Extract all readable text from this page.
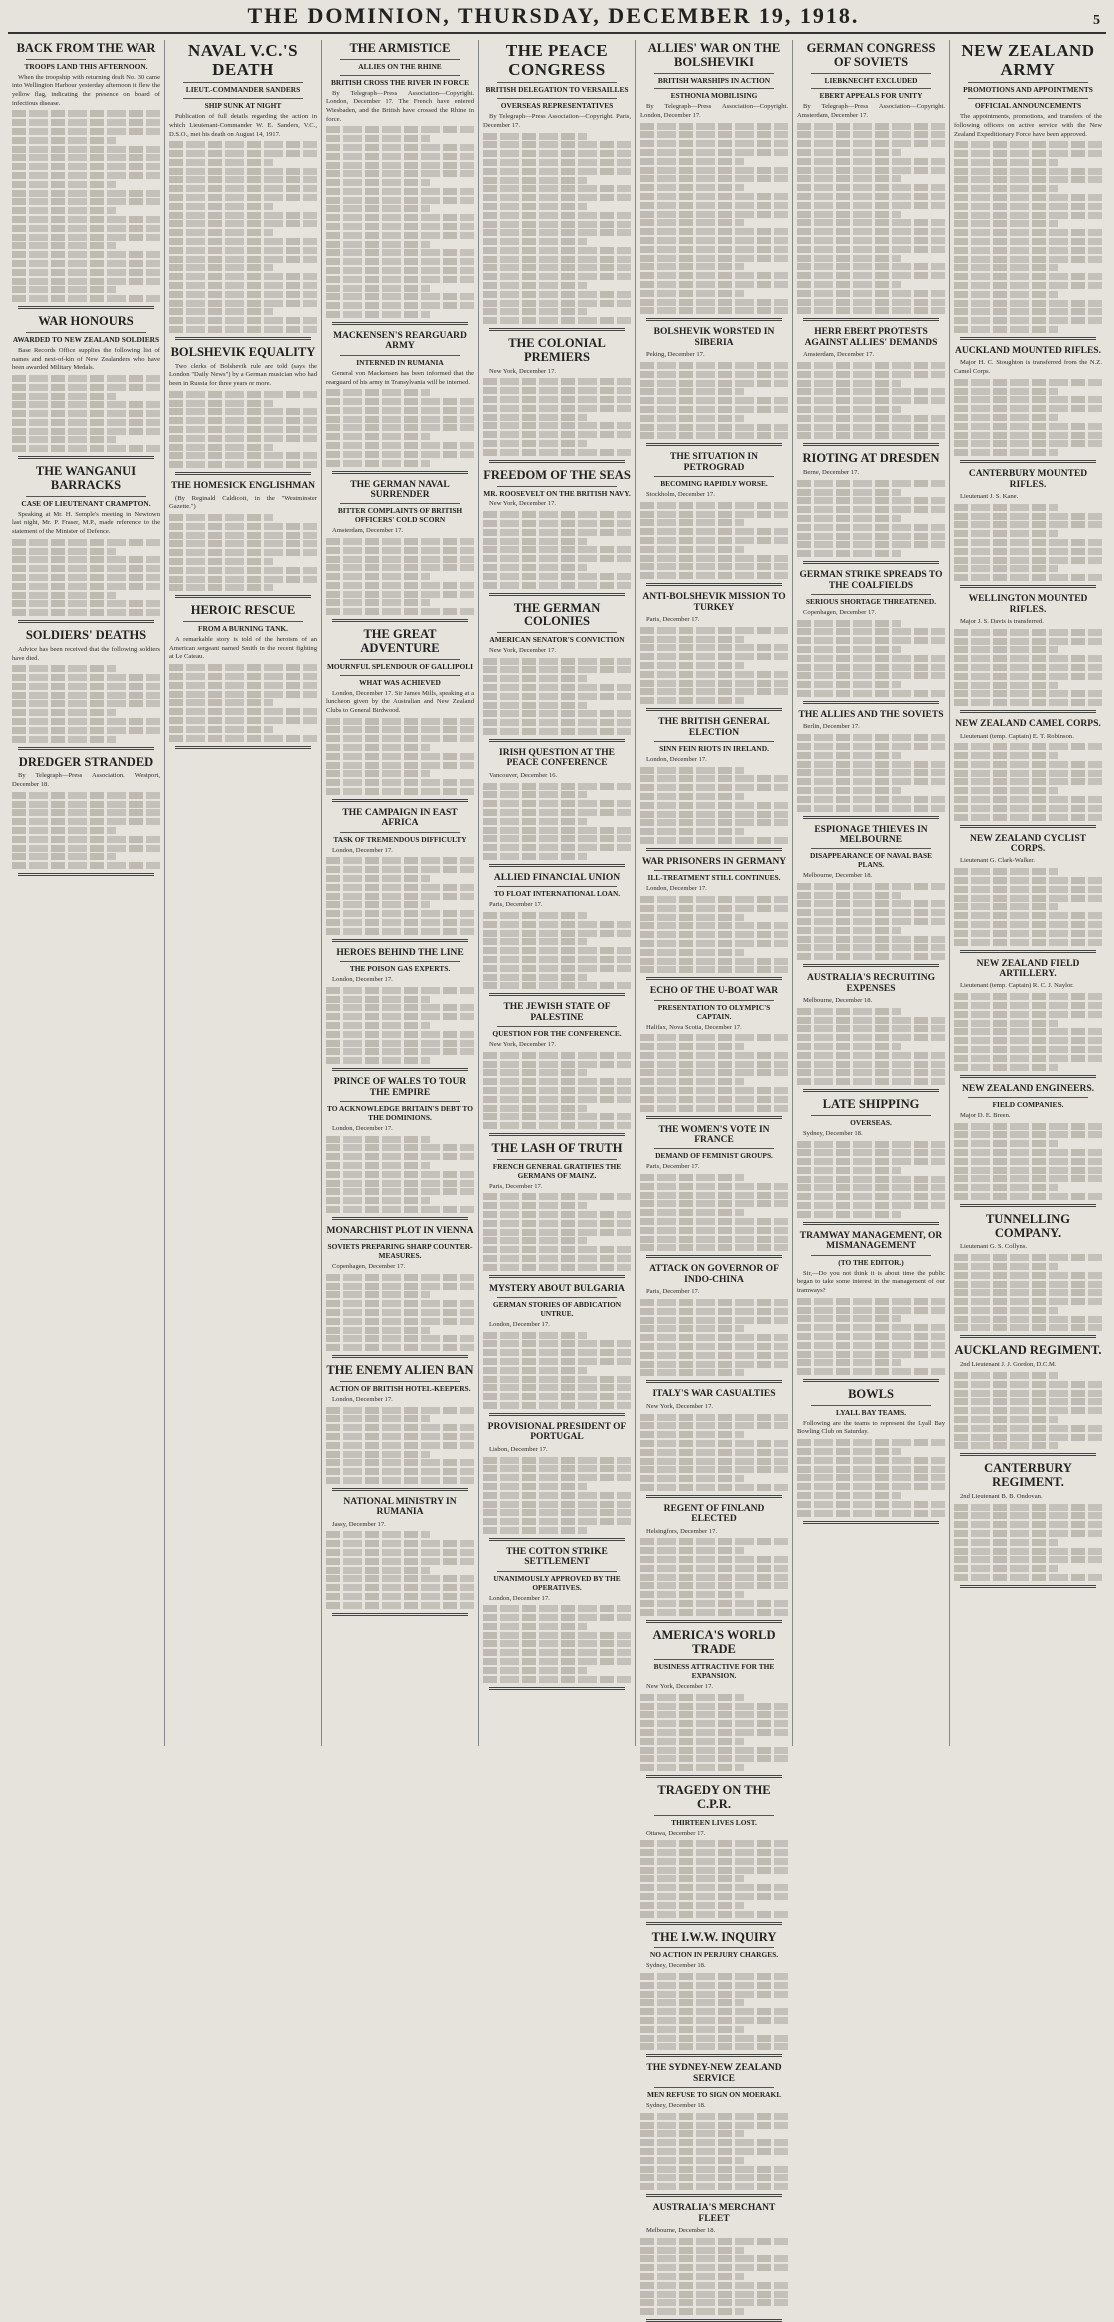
THE DOMINION, THURSDAY, DECEMBER 19, 1918.	5
BACK FROM THE WAR
TROOPS LAND THIS AFTERNOON.

When the troopship with returning draft No. 30 came into Wellington Harbour yesterday afternoon it flew the yellow flag, indicating the presence on board of infectious disease.

WAR HONOURS
AWARDED TO NEW ZEALAND SOLDIERS

Base Records Office supplies the following list of names and next-of-kin of New Zealanders who have been awarded Military Medals.

THE WANGANUI BARRACKS
CASE OF LIEUTENANT CRAMPTON.

Speaking at Mr. H. Semple's meeting in Newtown last night, Mr. P. Fraser, M.P., made reference to the statement of the Minister of Defence.

SOLDIERS' DEATHS

Advice has been received that the following soldiers have died.

DREDGER STRANDED

By Telegraph—Press Association. Westport, December 18.

NAVAL V.C.'S DEATH
LIEUT.-COMMANDER SANDERS
SHIP SUNK AT NIGHT

Publication of full details regarding the action in which Lieutenant-Commander W. E. Sanders, V.C., D.S.O., met his death on August 14, 1917.

BOLSHEVIK EQUALITY

Two clerks of Bolshevik rule are told (says the London "Daily News") by a German musician who had been in Russia for three years or more.

THE HOMESICK ENGLISHMAN

(By Reginald Caldicott, in the "Westminster Gazette.")

HEROIC RESCUE
FROM A BURNING TANK.

A remarkable story is told of the heroism of an American sergeant named Smith in the recent fighting at Le Cateau.

THE ARMISTICE
ALLIES ON THE RHINE
BRITISH CROSS THE RIVER IN FORCE

By Telegraph—Press Association—Copyright. London, December 17. The French have entered Wiesbaden, and the British have crossed the Rhine in force.

MACKENSEN'S REARGUARD ARMY
INTERNED IN RUMANIA

General von Mackensen has been informed that the rearguard of his army in Transylvania will be interned.

THE GERMAN NAVAL SURRENDER
BITTER COMPLAINTS OF BRITISH OFFICERS' COLD SCORN

Amsterdam, December 17.

THE GREAT ADVENTURE
MOURNFUL SPLENDOUR OF GALLIPOLI
WHAT WAS ACHIEVED

London, December 17. Sir James Mills, speaking at a luncheon given by the Australian and New Zealand Clubs to General Birdwood.

THE CAMPAIGN IN EAST AFRICA
TASK OF TREMENDOUS DIFFICULTY

London, December 17.

HEROES BEHIND THE LINE
THE POISON GAS EXPERTS.

London, December 17.

PRINCE OF WALES TO TOUR THE EMPIRE
TO ACKNOWLEDGE BRITAIN'S DEBT TO THE DOMINIONS.

London, December 17.

MONARCHIST PLOT IN VIENNA
SOVIETS PREPARING SHARP COUNTER-MEASURES.

Copenhagen, December 17.

THE ENEMY ALIEN BAN
ACTION OF BRITISH HOTEL-KEEPERS.

London, December 17.

NATIONAL MINISTRY IN RUMANIA

Jassy, December 17.

THE PEACE CONGRESS
BRITISH DELEGATION TO VERSAILLES
OVERSEAS REPRESENTATIVES

By Telegraph—Press Association—Copyright. Paris, December 17.

THE COLONIAL PREMIERS

New York, December 17.

FREEDOM OF THE SEAS
MR. ROOSEVELT ON THE BRITISH NAVY.

New York, December 17.

THE GERMAN COLONIES
AMERICAN SENATOR'S CONVICTION

New York, December 17.

IRISH QUESTION AT THE PEACE CONFERENCE

Vancouver, December 16.

ALLIED FINANCIAL UNION
TO FLOAT INTERNATIONAL LOAN.

Paris, December 17.

THE JEWISH STATE OF PALESTINE
QUESTION FOR THE CONFERENCE.

New York, December 17.

THE LASH OF TRUTH
FRENCH GENERAL GRATIFIES THE GERMANS OF MAINZ.

Paris, December 17.

MYSTERY ABOUT BULGARIA
GERMAN STORIES OF ABDICATION UNTRUE.

London, December 17.

PROVISIONAL PRESIDENT OF PORTUGAL

Lisbon, December 17.

THE COTTON STRIKE SETTLEMENT
UNANIMOUSLY APPROVED BY THE OPERATIVES.

London, December 17.

ALLIES' WAR ON THE BOLSHEVIKI
BRITISH WARSHIPS IN ACTION
ESTHONIA MOBILISING

By Telegraph—Press Association—Copyright. London, December 17.

BOLSHEVIK WORSTED IN SIBERIA

Peking, December 17.

THE SITUATION IN PETROGRAD
BECOMING RAPIDLY WORSE.

Stockholm, December 17.

ANTI-BOLSHEVIK MISSION TO TURKEY

Paris, December 17.

THE BRITISH GENERAL ELECTION
SINN FEIN RIOTS IN IRELAND.

London, December 17.

WAR PRISONERS IN GERMANY
ILL-TREATMENT STILL CONTINUES.

London, December 17.

ECHO OF THE U-BOAT WAR
PRESENTATION TO OLYMPIC'S CAPTAIN.

Halifax, Nova Scotia, December 17.

THE WOMEN'S VOTE IN FRANCE
DEMAND OF FEMINIST GROUPS.

Paris, December 17.

ATTACK ON GOVERNOR OF INDO-CHINA

Paris, December 17.

ITALY'S WAR CASUALTIES

New York, December 17.

REGENT OF FINLAND ELECTED

Helsingfors, December 17.

AMERICA'S WORLD TRADE
BUSINESS ATTRACTIVE FOR THE EXPANSION.

New York, December 17.

TRAGEDY ON THE C.P.R.
THIRTEEN LIVES LOST.

Ottawa, December 17.

THE I.W.W. INQUIRY
NO ACTION IN PERJURY CHARGES.

Sydney, December 18.

THE SYDNEY-NEW ZEALAND SERVICE
MEN REFUSE TO SIGN ON MOERAKI.

Sydney, December 18.

AUSTRALIA'S MERCHANT FLEET

Melbourne, December 18.

GERMAN CONGRESS OF SOVIETS
LIEBKNECHT EXCLUDED
EBERT APPEALS FOR UNITY

By Telegraph—Press Association—Copyright. Amsterdam, December 17.

HERR EBERT PROTESTS AGAINST ALLIES' DEMANDS

Amsterdam, December 17.

RIOTING AT DRESDEN

Berne, December 17.

GERMAN STRIKE SPREADS TO THE COALFIELDS
SERIOUS SHORTAGE THREATENED.

Copenhagen, December 17.

THE ALLIES AND THE SOVIETS

Berlin, December 17.

ESPIONAGE THIEVES IN MELBOURNE
DISAPPEARANCE OF NAVAL BASE PLANS.

Melbourne, December 18.

AUSTRALIA'S RECRUITING EXPENSES

Melbourne, December 18.

LATE SHIPPING
OVERSEAS.

Sydney, December 18.

TRAMWAY MANAGEMENT, OR MISMANAGEMENT
(TO THE EDITOR.)

Sir,—Do you not think it is about time the public began to take some interest in the management of our tramways?

BOWLS
LYALL BAY TEAMS.

Following are the teams to represent the Lyall Bay Bowling Club on Saturday.

NEW ZEALAND ARMY
PROMOTIONS AND APPOINTMENTS
OFFICIAL ANNOUNCEMENTS

The appointments, promotions, and transfers of the following officers on active service with the New Zealand Expeditionary Force have been approved.

AUCKLAND MOUNTED RIFLES.

Major H. C. Stoughton is transferred from the N.Z. Camel Corps.

CANTERBURY MOUNTED RIFLES.

Lieutenant J. S. Kane.

WELLINGTON MOUNTED RIFLES.

Major J. S. Davis is transferred.

NEW ZEALAND CAMEL CORPS.

Lieutenant (temp. Captain) E. T. Robinson.

NEW ZEALAND CYCLIST CORPS.

Lieutenant G. Clark-Walker.

NEW ZEALAND FIELD ARTILLERY.

Lieutenant (temp. Captain) R. C. J. Naylor.

NEW ZEALAND ENGINEERS.
FIELD COMPANIES.

Major D. E. Breen.

TUNNELLING COMPANY.

Lieutenant G. S. Collyns.

AUCKLAND REGIMENT.

2nd Lieutenant J. J. Gordon, D.C.M.

CANTERBURY REGIMENT.

2nd Lieutenant B. B. Ondovan.
